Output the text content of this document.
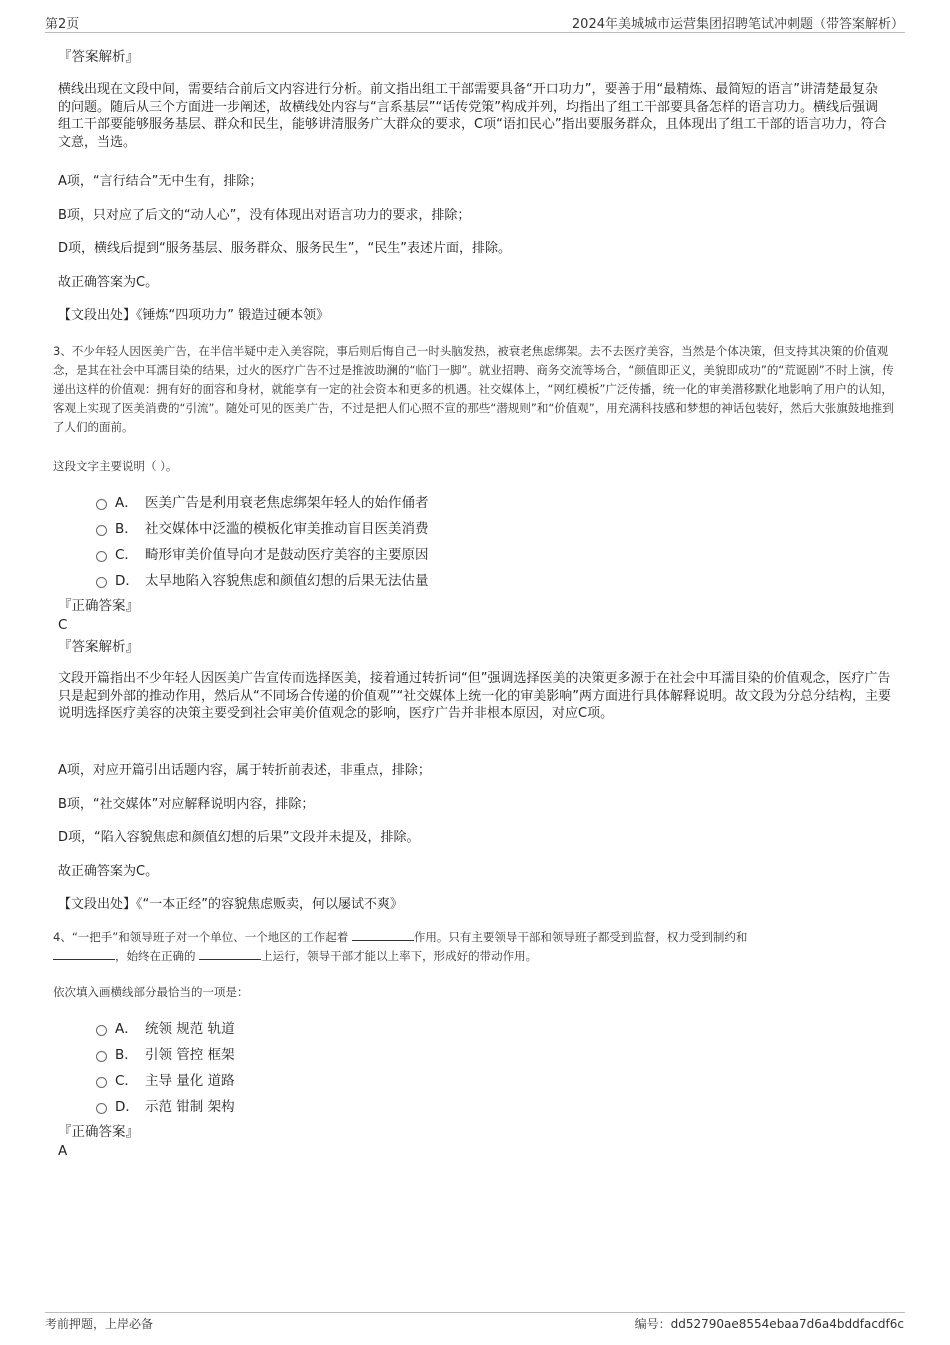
第2页	2024年美城城市运营集团招聘笔试冲刺题（带答案解析）
『答案解析』
横线出现在文段中间，需要结合前后文内容进行分析。前文指出组工干部需要具备“开口功力”，要善于用“最精炼、最简短的语言”讲清楚最复杂的问题。随后从三个方面进一步阐述，故横线处内容与“言系基层”“话传党策”构成并列，均指出了组工干部要具备怎样的语言功力。横线后强调组工干部要能够服务基层、群众和民生，能够讲清服务广大群众的要求，C项“语扣民心”指出要服务群众，且体现出了组工干部的语言功力，符合文意，当选。
A项，“言行结合”无中生有，排除；
B项，只对应了后文的“动人心”，没有体现出对语言功力的要求，排除；
D项，横线后提到“服务基层、服务群众、服务民生”，“民生”表述片面，排除。
故正确答案为C。
【文段出处】《锤炼“四项功力” 锻造过硬本领》
3、不少年轻人因医美广告，在半信半疑中走入美容院，事后则后悔自己一时头脑发热，被衰老焦虑绑架。去不去医疗美容，当然是个体决策，但支持其决策的价值观念，是其在社会中耳濡目染的结果，过火的医疗广告不过是推波助澜的“临门一脚”。就业招聘、商务交流等场合，“颜值即正义，美貌即成功”的“荒诞剧”不时上演，传递出这样的价值观：拥有好的面容和身材，就能享有一定的社会资本和更多的机遇。社交媒体上，“网红模板”广泛传播，统一化的审美潜移默化地影响了用户的认知，客观上实现了医美消费的“引流”。随处可见的医美广告，不过是把人们心照不宣的那些“潜规则”和“价值观”，用充满科技感和梦想的神话包装好，然后大张旗鼓地推到了人们的面前。
这段文字主要说明（ ）。
A． 医美广告是利用衰老焦虑绑架年轻人的始作俑者
B． 社交媒体中泛滥的模板化审美推动盲目医美消费
C． 畸形审美价值导向才是鼓动医疗美容的主要原因
D． 太早地陷入容貌焦虑和颜值幻想的后果无法估量
『正确答案』
C
『答案解析』
文段开篇指出不少年轻人因医美广告宣传而选择医美，接着通过转折词“但”强调选择医美的决策更多源于在社会中耳濡目染的价值观念，医疗广告只是起到外部的推动作用，然后从“不同场合传递的价值观”“社交媒体上统一化的审美影响”两方面进行具体解释说明。故文段为分总分结构，主要说明选择医疗美容的决策主要受到社会审美价值观念的影响，医疗广告并非根本原因，对应C项。
A项，对应开篇引出话题内容，属于转折前表述，非重点，排除；
B项，“社交媒体”对应解释说明内容，排除；
D项，“陷入容貌焦虑和颜值幻想的后果”文段并未提及，排除。
故正确答案为C。
【文段出处】《“一本正经”的容貌焦虑贩卖，何以屡试不爽》
4、“一把手”和领导班子对一个单位、一个地区的工作起着	作用。只有主要领导干部和领导班子都受到监督，权力受到制约和
，始终在正确的	上运行，领导干部才能以上率下，形成好的带动作用。
依次填入画横线部分最恰当的一项是：
A． 统领 规范 轨道
B． 引领 管控 框架
C． 主导 量化 道路
D． 示范 钳制 架构
『正确答案』
A
考前押题，上岸必备	编号：dd52790ae8554ebaa7d6a4bddfacdf6c
